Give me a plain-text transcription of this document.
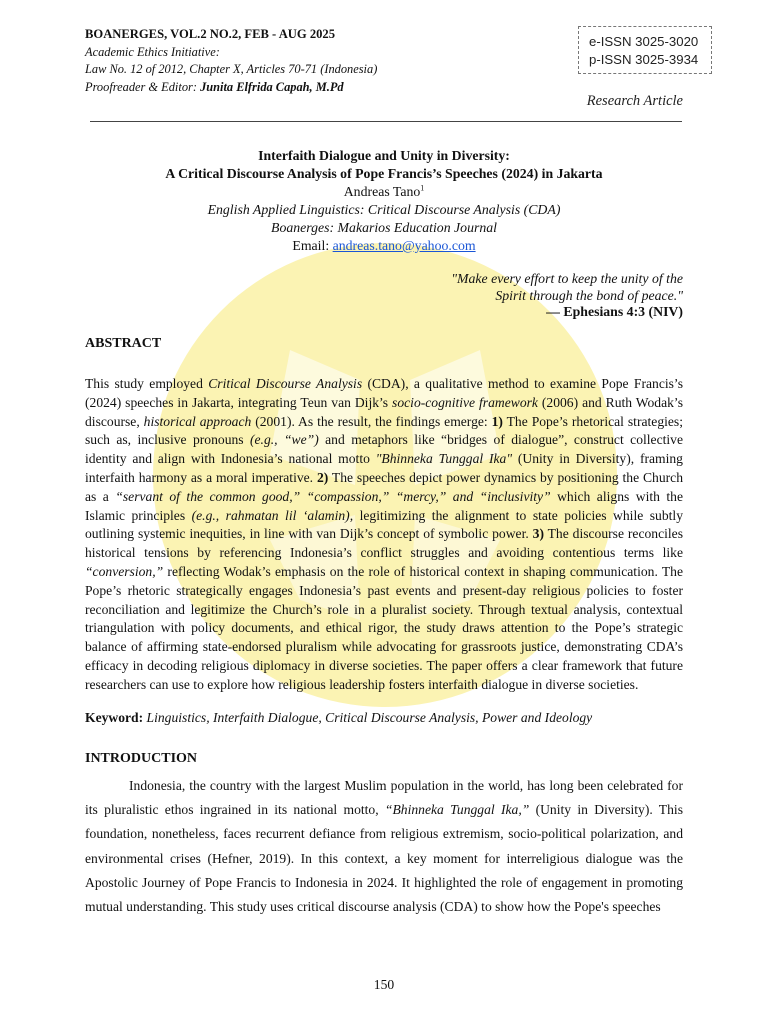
BOANERGES, VOL.2 NO.2, FEB - AUG 2025
Academic Ethics Initiative:
Law No. 12 of 2012, Chapter X, Articles 70-71 (Indonesia)
Proofreader & Editor: Junita Elfrida Capah, M.Pd
e-ISSN 3025-3020
p-ISSN 3025-3934
Research Article
Interfaith Dialogue and Unity in Diversity:
A Critical Discourse Analysis of Pope Francis’s Speeches (2024) in Jakarta
Andreas Tano$^1$
English Applied Linguistics: Critical Discourse Analysis (CDA)
Boanerges: Makarios Education Journal
Email: andreas.tano@yahoo.com
"Make every effort to keep the unity of the
Spirit through the bond of peace."
— Ephesians 4:3 (NIV)
ABSTRACT
This study employed Critical Discourse Analysis (CDA), a qualitative method to examine Pope Francis’s (2024) speeches in Jakarta, integrating Teun van Dijk’s socio-cognitive framework (2006) and Ruth Wodak’s discourse, historical approach (2001). As the result, the findings emerge: 1) The Pope’s rhetorical strategies; such as, inclusive pronouns (e.g., “we”) and metaphors like “bridges of dialogue”, construct collective identity and align with Indonesia’s national motto "Bhinneka Tunggal Ika" (Unity in Diversity), framing interfaith harmony as a moral imperative. 2) The speeches depict power dynamics by positioning the Church as a “servant of the common good,” “compassion,” “mercy,” and “inclusivity” which aligns with the Islamic principles (e.g., rahmatan lil ‘alamin), legitimizing the alignment to state policies while subtly outlining systemic inequities, in line with van Dijk’s concept of symbolic power. 3) The discourse reconciles historical tensions by referencing Indonesia’s conflict struggles and avoiding contentious terms like “conversion,” reflecting Wodak’s emphasis on the role of historical context in shaping communication. The Pope’s rhetoric strategically engages Indonesia’s past events and present-day religious policies to foster reconciliation and legitimize the Church’s role in a pluralist society. Through textual analysis, contextual triangulation with policy documents, and ethical rigor, the study draws attention to the Pope’s strategic balance of affirming state-endorsed pluralism while advocating for grassroots justice, demonstrating CDA’s efficacy in decoding religious diplomacy in diverse societies. The paper offers a clear framework that future researchers can use to explore how religious leadership fosters interfaith dialogue in diverse societies.
Keyword: Linguistics, Interfaith Dialogue, Critical Discourse Analysis, Power and Ideology
INTRODUCTION
Indonesia, the country with the largest Muslim population in the world, has long been celebrated for its pluralistic ethos ingrained in its national motto, “Bhinneka Tunggal Ika,” (Unity in Diversity). This foundation, nonetheless, faces recurrent defiance from religious extremism, socio-political polarization, and environmental crises (Hefner, 2019). In this context, a key moment for interreligious dialogue was the Apostolic Journey of Pope Francis to Indonesia in 2024. It highlighted the role of engagement in promoting mutual understanding. This study uses critical discourse analysis (CDA) to show how the Pope's speeches
150
